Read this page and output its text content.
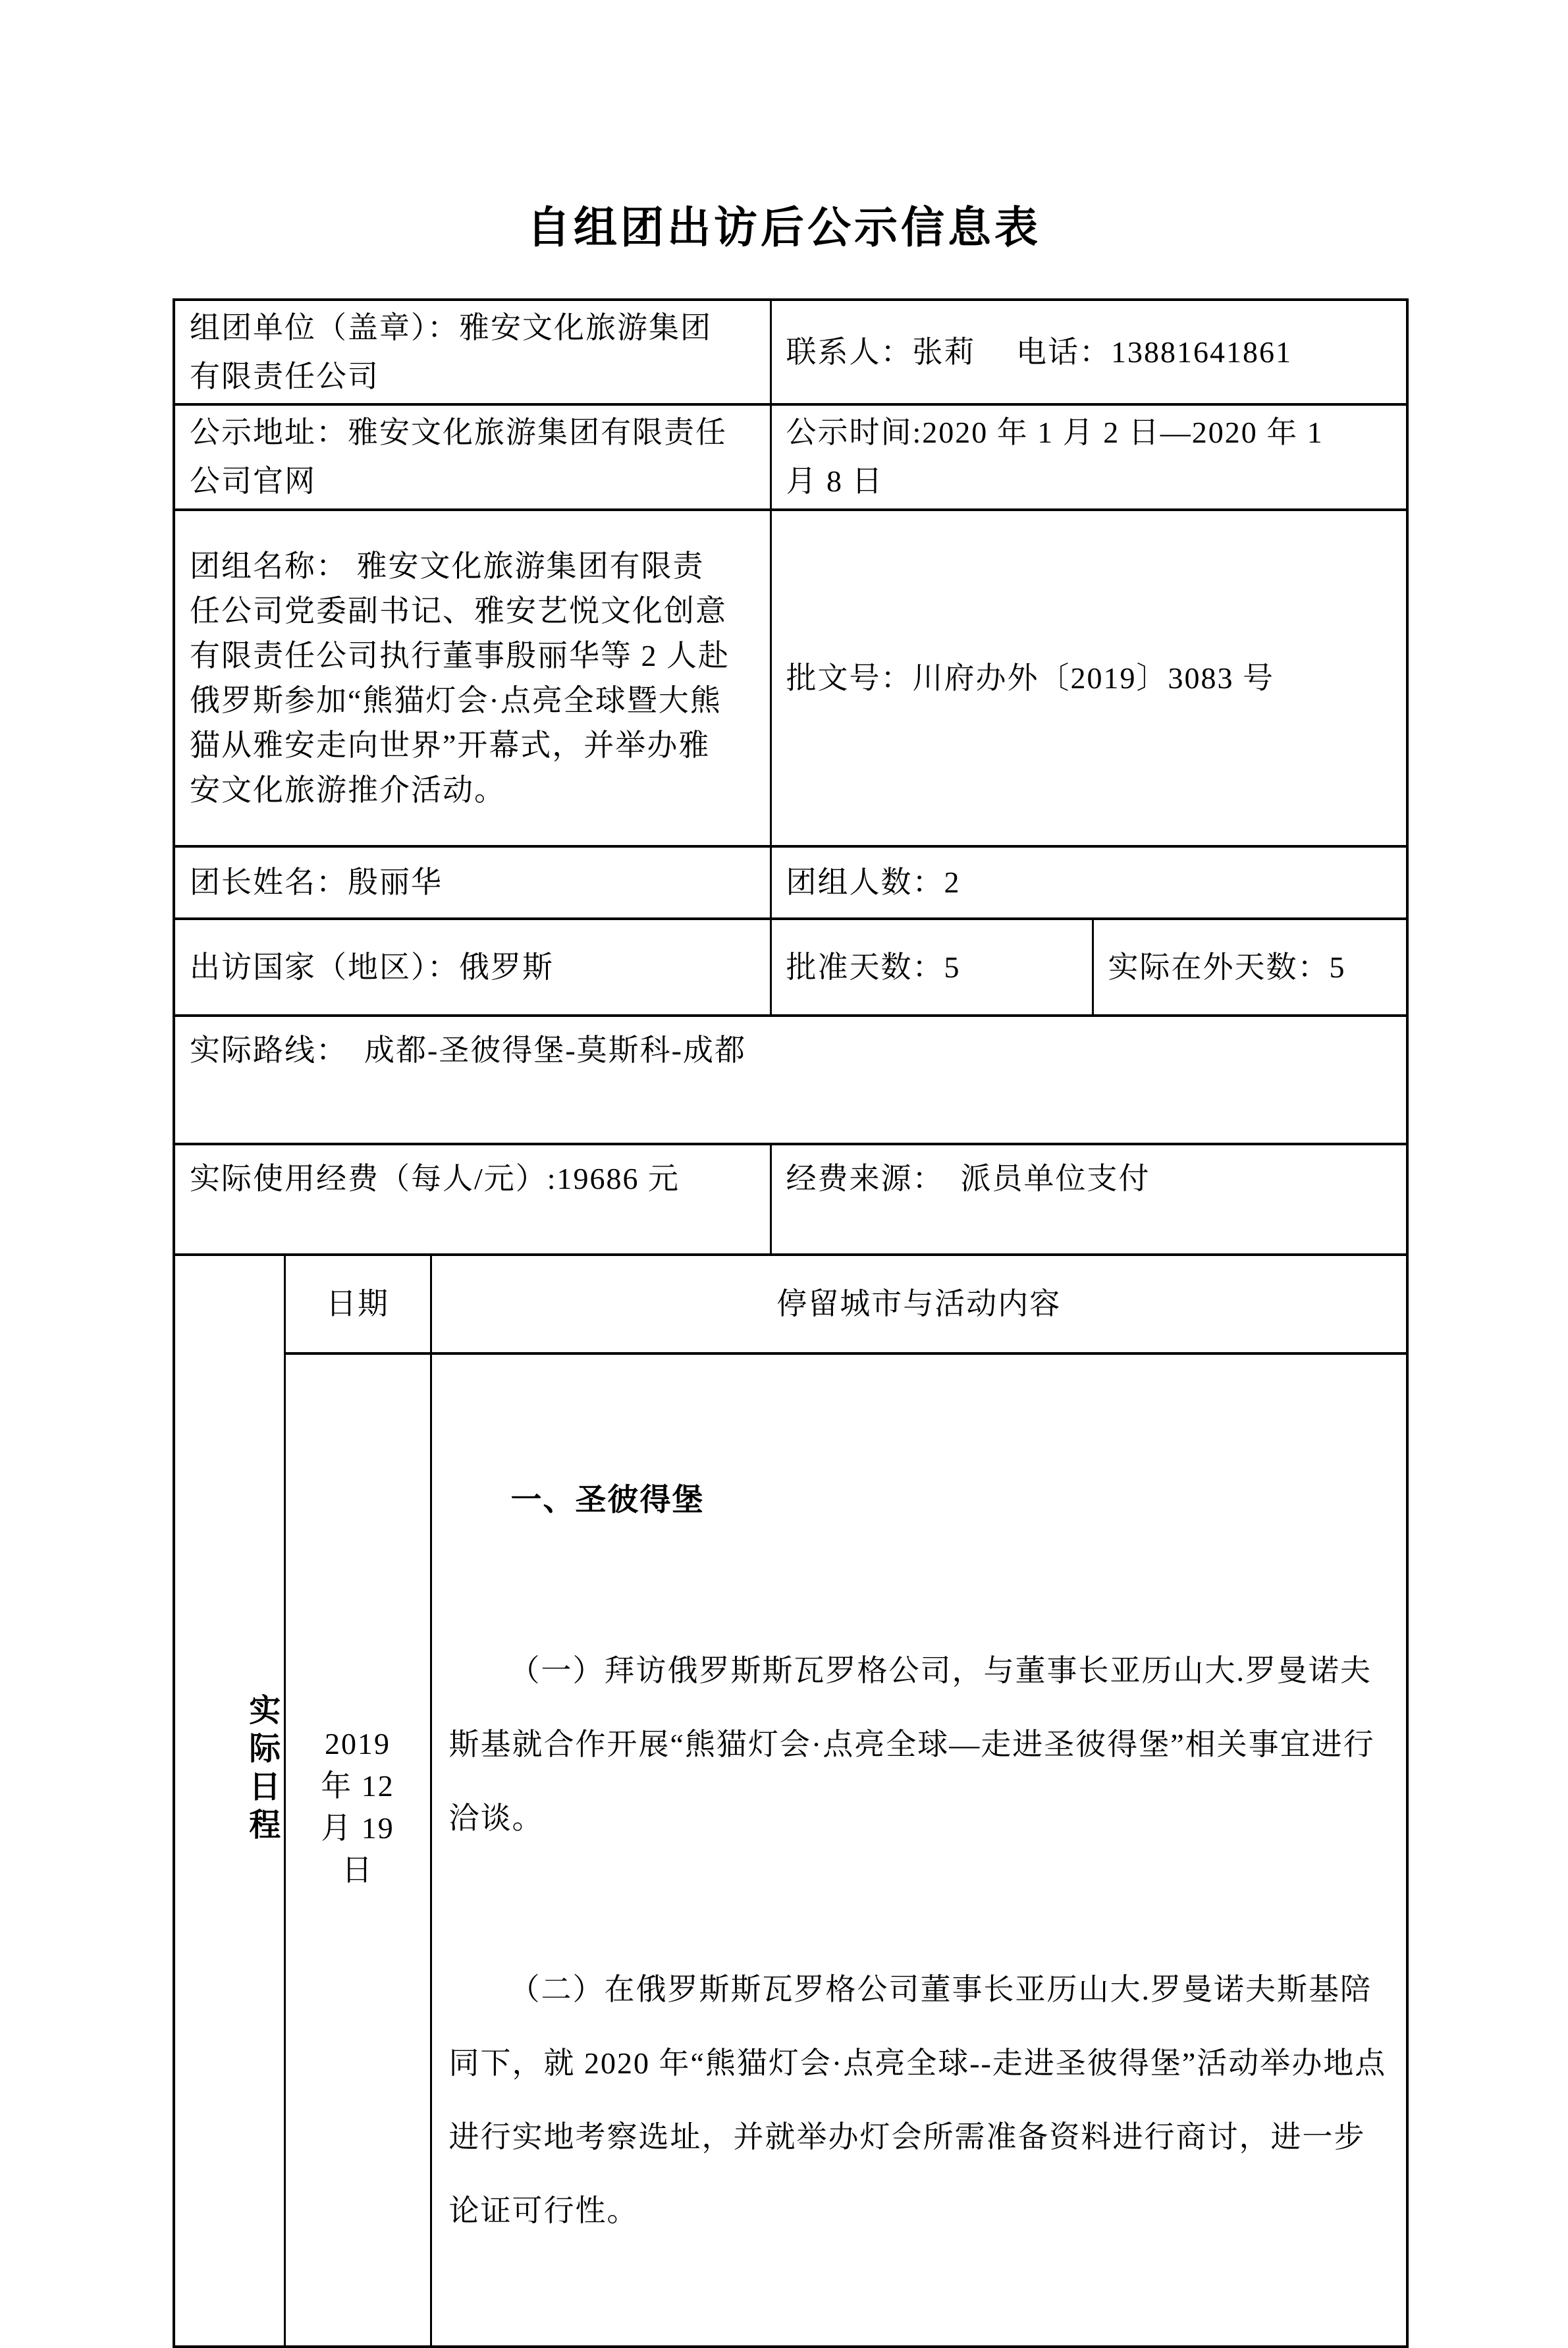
自组团出访后公示信息表
组团单位（盖章）：雅安文化旅游集团有限责任公司			联系人：张莉　 电话：13881641861	
公示地址：雅安文化旅游集团有限责任公司官网			公示时间:2020 年 1 月 2 日—2020 年 1 月 8 日	
团组名称： 雅安文化旅游集团有限责任公司党委副书记、雅安艺悦文化创意有限责任公司执行董事殷丽华等 2 人赴俄罗斯参加“熊猫灯会·点亮全球暨大熊猫从雅安走向世界”开幕式，并举办雅安文化旅游推介活动。			批文号：川府办外〔2019〕3083 号	
团长姓名：殷丽华			团组人数：2	
出访国家（地区）：俄罗斯			批准天数：5	实际在外天数：5
实际路线：　成都-圣彼得堡-莫斯科-成都				
实际使用经费（每人/元）:19686 元			经费来源：　派员单位支付	

实际日程	日期	停留城市与活动内容		
	2019 年 12 月 19 日	一、圣彼得堡

（一）拜访俄罗斯斯瓦罗格公司，与董事长亚历山大.罗曼诺夫斯基就合作开展“熊猫灯会·点亮全球—走进圣彼得堡”相关事宜进行洽谈。

（二）在俄罗斯斯瓦罗格公司董事长亚历山大.罗曼诺夫斯基陪同下，就 2020 年“熊猫灯会·点亮全球--走进圣彼得堡”活动举办地点进行实地考察选址，并就举办灯会所需准备资料进行商讨，进一步论证可行性。		
